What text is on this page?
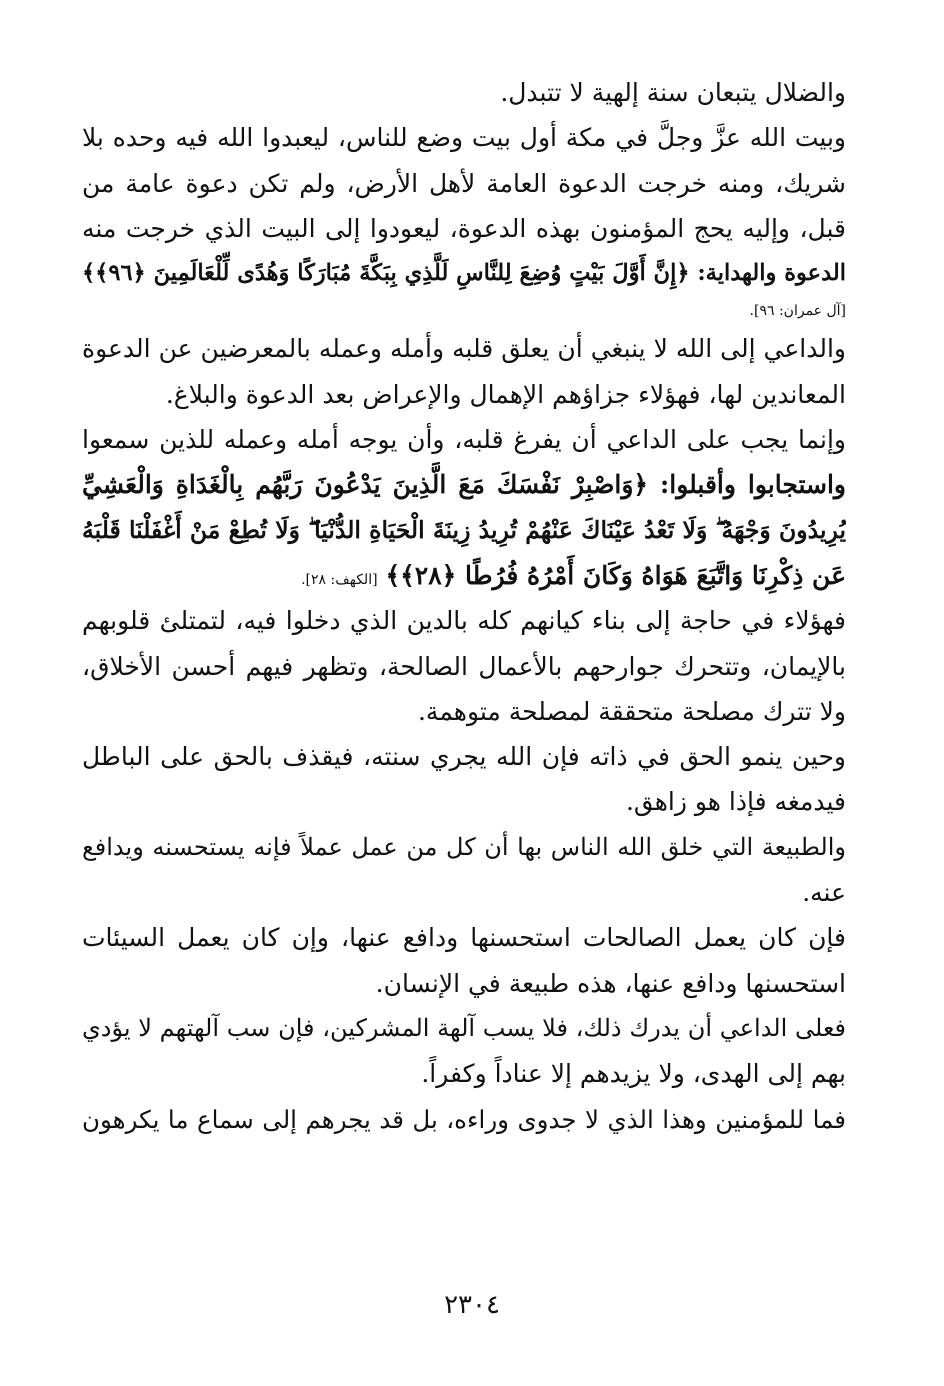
والضلال يتبعان سنة إلهية لا تتبدل.
وبيت الله عزَّ وجلَّ في مكة أول بيت وضع للناس، ليعبدوا الله فيه وحده بلا
شريك، ومنه خرجت الدعوة العامة لأهل الأرض، ولم تكن دعوة عامة من
قبل، وإليه يحج المؤمنون بهذه الدعوة، ليعودوا إلى البيت الذي خرجت منه
الدعوة والهداية: ﴿إِنَّ أَوَّلَ بَيْتٍ وُضِعَ لِلنَّاسِ لَلَّذِي بِبَكَّةَ مُبَارَكًا وَهُدًى لِّلْعَالَمِينَ ﴿٩٦﴾﴾
[آل عمران: ٩٦].
والداعي إلى الله لا ينبغي أن يعلق قلبه وأمله وعمله بالمعرضين عن الدعوة
المعاندين لها، فهؤلاء جزاؤهم الإهمال والإعراض بعد الدعوة والبلاغ.
وإنما يجب على الداعي أن يفرغ قلبه، وأن يوجه أمله وعمله للذين سمعوا
واستجابوا وأقبلوا: ﴿وَاصْبِرْ نَفْسَكَ مَعَ الَّذِينَ يَدْعُونَ رَبَّهُم بِالْغَدَاةِ وَالْعَشِيِّ
يُرِيدُونَ وَجْهَهُ ۖ وَلَا تَعْدُ عَيْنَاكَ عَنْهُمْ تُرِيدُ زِينَةَ الْحَيَاةِ الدُّنْيَا ۖ وَلَا تُطِعْ مَنْ أَغْفَلْنَا قَلْبَهُ
عَن ذِكْرِنَا وَاتَّبَعَ هَوَاهُ وَكَانَ أَمْرُهُ فُرُطًا ﴿٢٨﴾﴾ [الكهف: ٢٨].
فهؤلاء في حاجة إلى بناء كيانهم كله بالدين الذي دخلوا فيه، لتمتلئ قلوبهم
بالإيمان، وتتحرك جوارحهم بالأعمال الصالحة، وتظهر فيهم أحسن الأخلاق،
ولا تترك مصلحة متحققة لمصلحة متوهمة.
وحين ينمو الحق في ذاته فإن الله يجري سنته، فيقذف بالحق على الباطل
فيدمغه فإذا هو زاهق.
والطبيعة التي خلق الله الناس بها أن كل من عمل عملاً فإنه يستحسنه ويدافع
عنه.
فإن كان يعمل الصالحات استحسنها ودافع عنها، وإن كان يعمل السيئات
استحسنها ودافع عنها، هذه طبيعة في الإنسان.
فعلى الداعي أن يدرك ذلك، فلا يسب آلهة المشركين، فإن سب آلهتهم لا يؤدي
بهم إلى الهدى، ولا يزيدهم إلا عناداً وكفراً.
فما للمؤمنين وهذا الذي لا جدوى وراءه، بل قد يجرهم إلى سماع ما يكرهون
٢٣٠٤
